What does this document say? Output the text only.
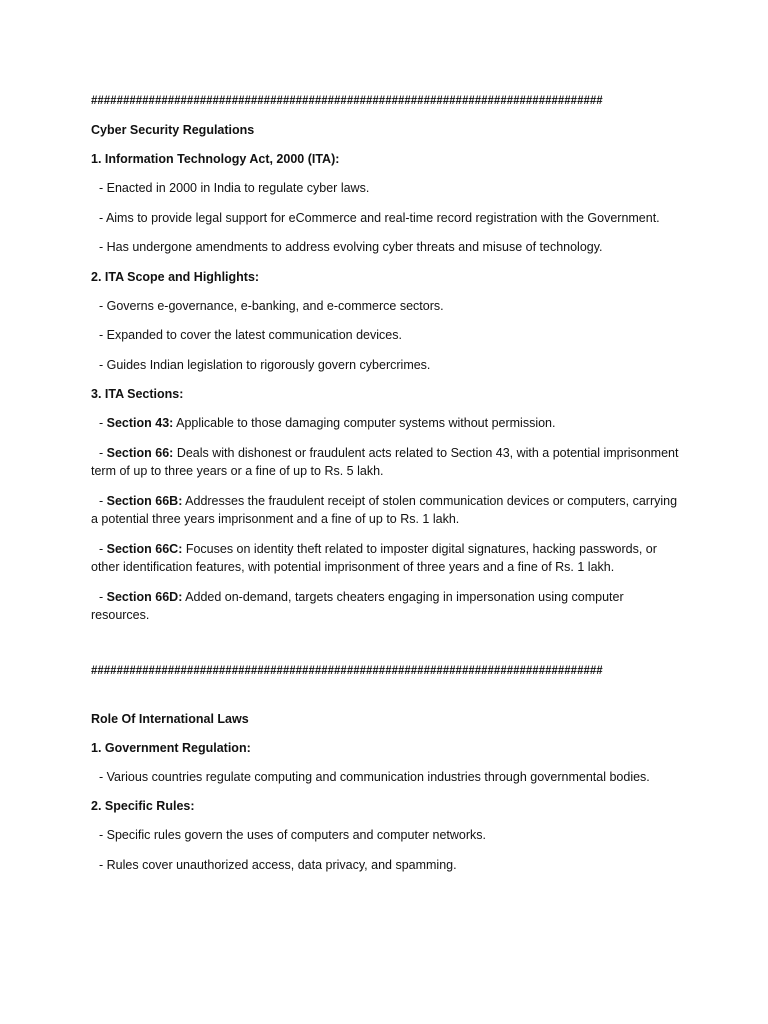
################################################################################

Cyber Security Regulations

1. Information Technology Act, 2000 (ITA):

- Enacted in 2000 in India to regulate cyber laws.

- Aims to provide legal support for eCommerce and real-time record registration with the Government.

- Has undergone amendments to address evolving cyber threats and misuse of technology.

2. ITA Scope and Highlights:

- Governs e-governance, e-banking, and e-commerce sectors.

- Expanded to cover the latest communication devices.

- Guides Indian legislation to rigorously govern cybercrimes.

3. ITA Sections:

- Section 43: Applicable to those damaging computer systems without permission.

- Section 66: Deals with dishonest or fraudulent acts related to Section 43, with a potential imprisonment term of up to three years or a fine of up to Rs. 5 lakh.

- Section 66B: Addresses the fraudulent receipt of stolen communication devices or computers, carrying a potential three years imprisonment and a fine of up to Rs. 1 lakh.

- Section 66C: Focuses on identity theft related to imposter digital signatures, hacking passwords, or other identification features, with potential imprisonment of three years and a fine of Rs. 1 lakh.

- Section 66D: Added on-demand, targets cheaters engaging in impersonation using computer resources.

################################################################################

Role Of International Laws

1. Government Regulation:

- Various countries regulate computing and communication industries through governmental bodies.

2. Specific Rules:

- Specific rules govern the uses of computers and computer networks.

- Rules cover unauthorized access, data privacy, and spamming.
